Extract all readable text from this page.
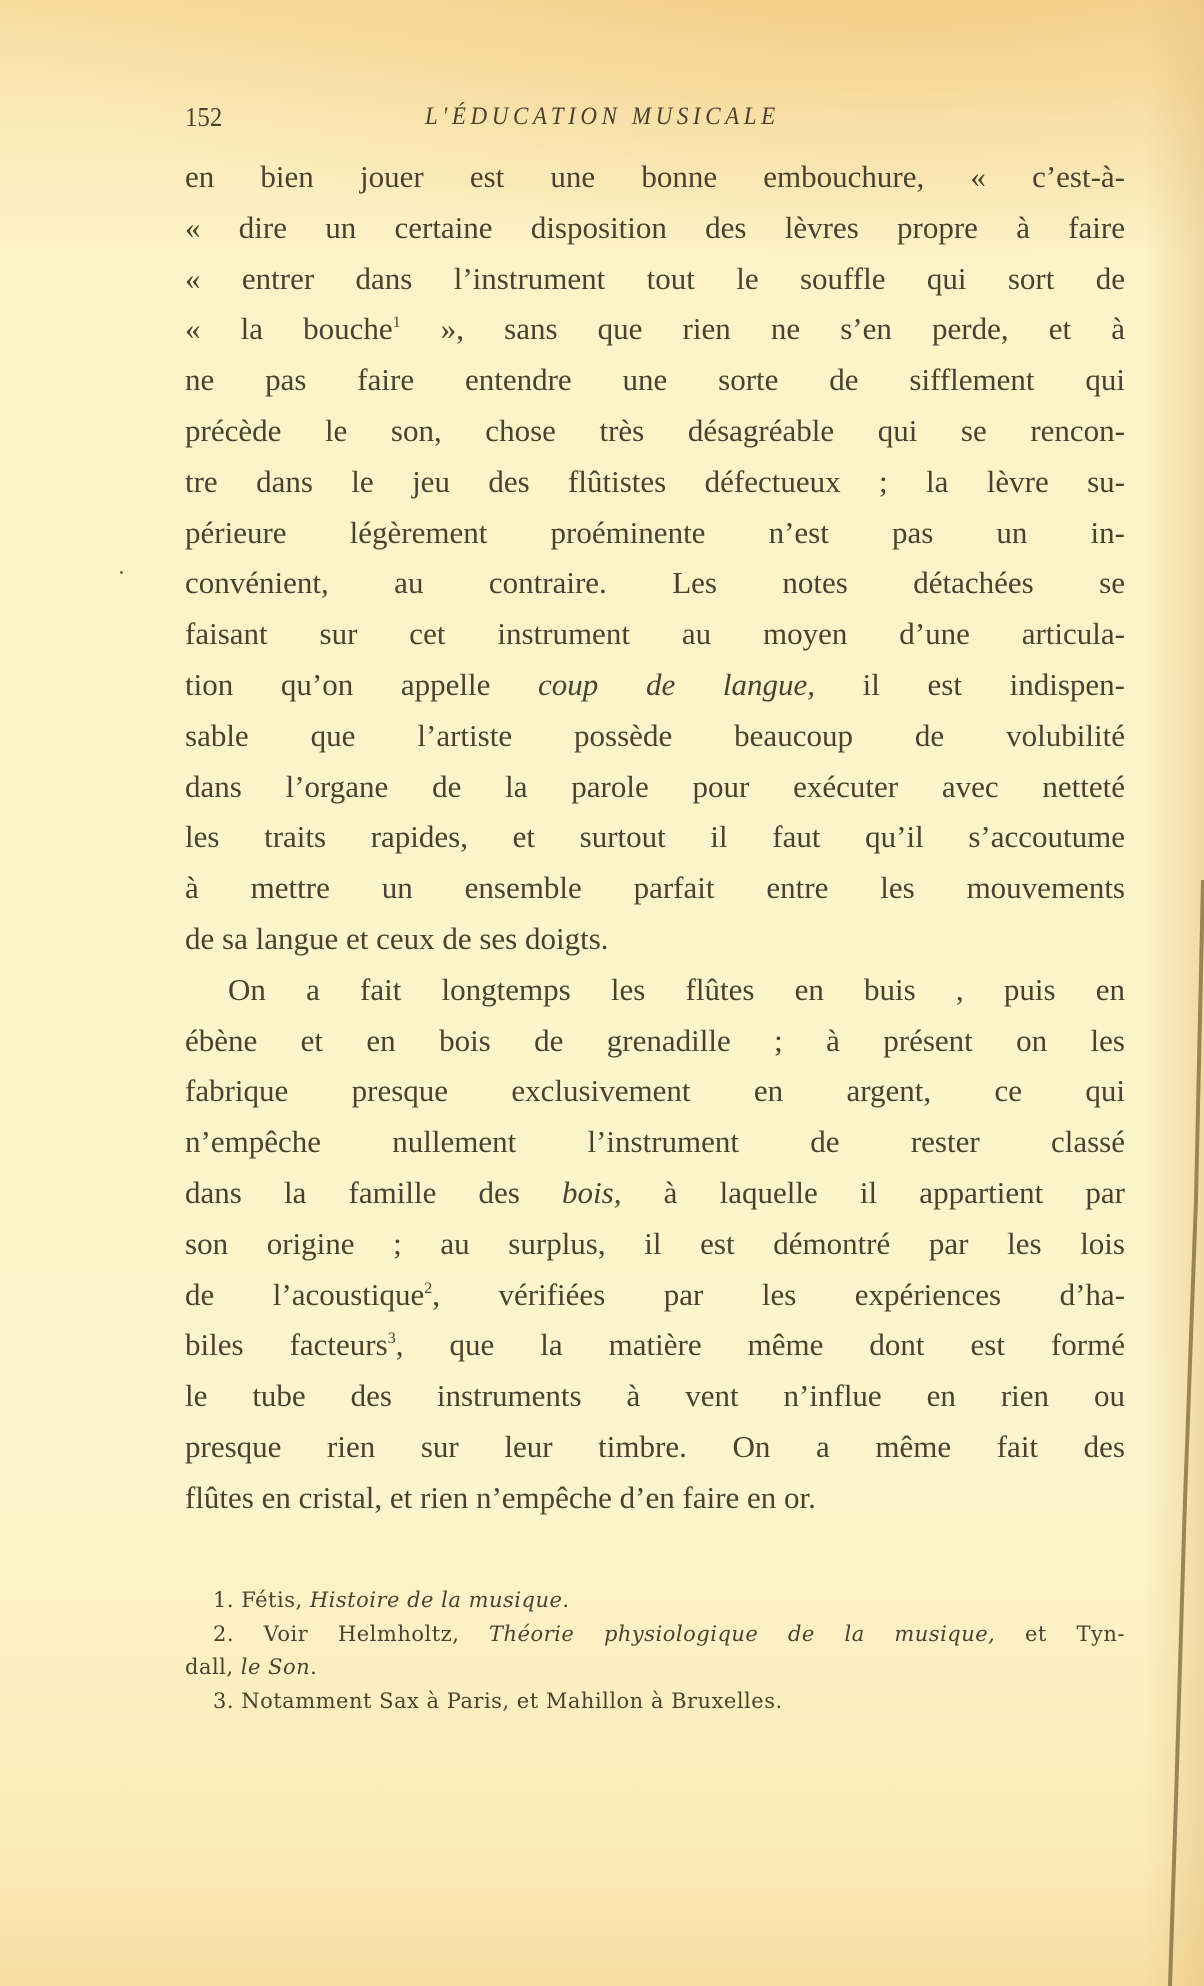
152	L'ÉDUCATION MUSICALE
en bien jouer est une bonne embouchure, « c’est-à-
« dire un certaine disposition des lèvres propre à faire
« entrer dans l’instrument tout le souffle qui sort de
« la bouche$^1$ », sans que rien ne s’en perde, et à
ne pas faire entendre une sorte de sifflement qui
précède le son, chose très désagréable qui se rencon-
tre dans le jeu des flûtistes défectueux ; la lèvre su-
périeure légèrement proéminente n’est pas un in-
convénient, au contraire. Les notes détachées se
faisant sur cet instrument au moyen d’une articula-
tion qu’on appelle coup de langue, il est indispen-
sable que l’artiste possède beaucoup de volubilité
dans l’organe de la parole pour exécuter avec netteté
les traits rapides, et surtout il faut qu’il s’accoutume
à mettre un ensemble parfait entre les mouvements
de sa langue et ceux de ses doigts.
On a fait longtemps les flûtes en buis , puis en
ébène et en bois de grenadille ; à présent on les
fabrique presque exclusivement en argent, ce qui
n’empêche nullement l’instrument de rester classé
dans la famille des bois, à laquelle il appartient par
son origine ; au surplus, il est démontré par les lois
de l’acoustique$^2$, vérifiées par les expériences d’ha-
biles facteurs$^3$, que la matière même dont est formé
le tube des instruments à vent n’influe en rien ou
presque rien sur leur timbre. On a même fait des
flûtes en cristal, et rien n’empêche d’en faire en or.
1. Fétis, Histoire de la musique.
2. Voir Helmholtz, Théorie physiologique de la musique, et Tyn-
dall, le Son.
3. Notamment Sax à Paris, et Mahillon à Bruxelles.
